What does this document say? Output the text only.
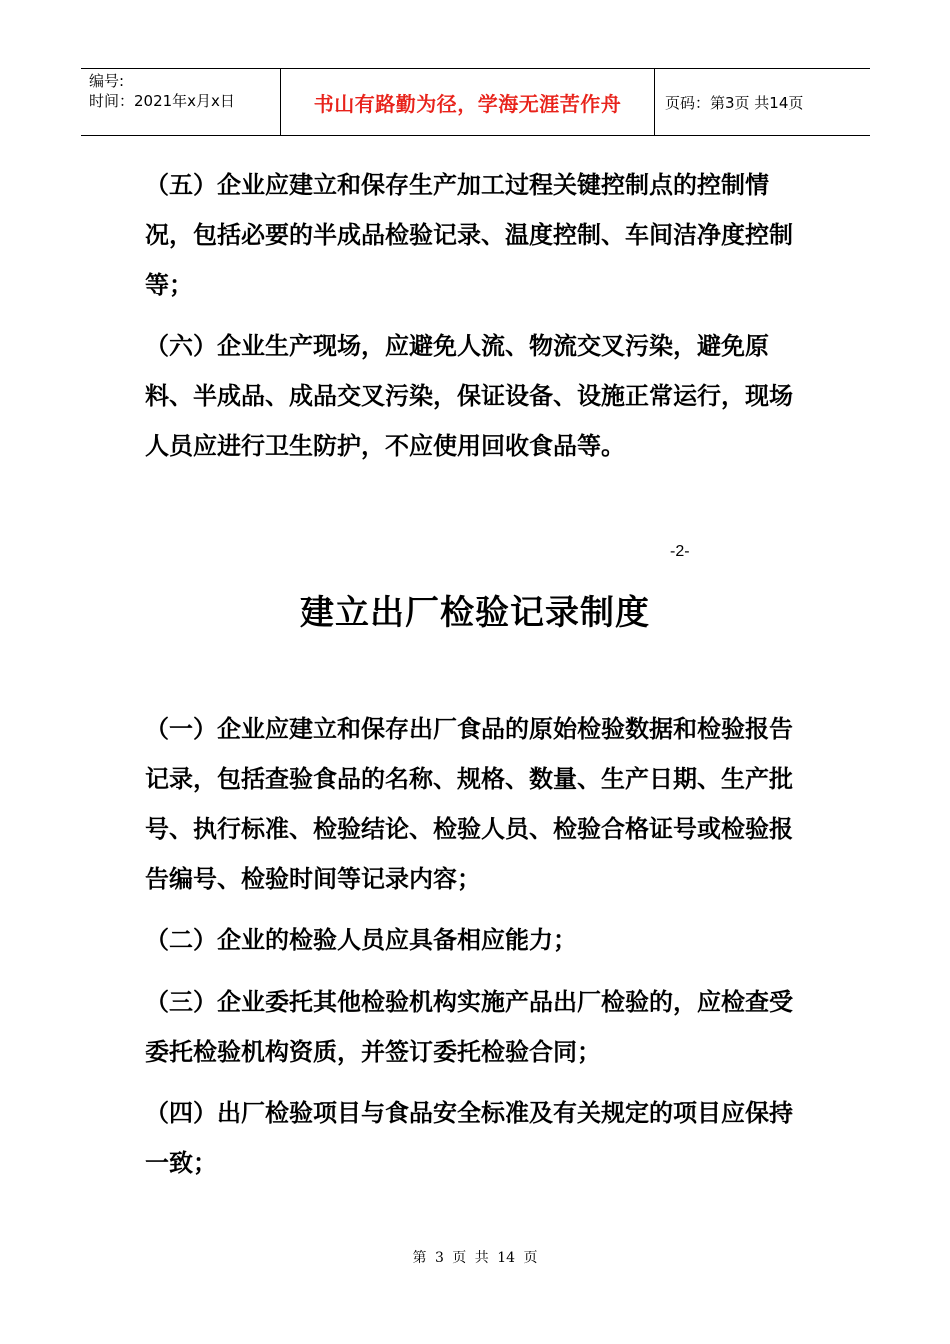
编号:
时间：2021年x月x日	书山有路勤为径，学海无涯苦作舟	页码：第3页 共14页

（五）企业应建立和保存生产加工过程关键控制点的控制情况，包括必要的半成品检验记录、温度控制、车间洁净度控制等；

（六）企业生产现场，应避免人流、物流交叉污染，避免原料、半成品、成品交叉污染，保证设备、设施正常运行，现场人员应进行卫生防护，不应使用回收食品等。

-2-
建立出厂检验记录制度

（一）企业应建立和保存出厂食品的原始检验数据和检验报告记录，包括查验食品的名称、规格、数量、生产日期、生产批号、执行标准、检验结论、检验人员、检验合格证号或检验报告编号、检验时间等记录内容；

（二）企业的检验人员应具备相应能力；

（三）企业委托其他检验机构实施产品出厂检验的，应检查受委托检验机构资质，并签订委托检验合同；

（四）出厂检验项目与食品安全标准及有关规定的项目应保持一致；

第 3 页 共 14 页
